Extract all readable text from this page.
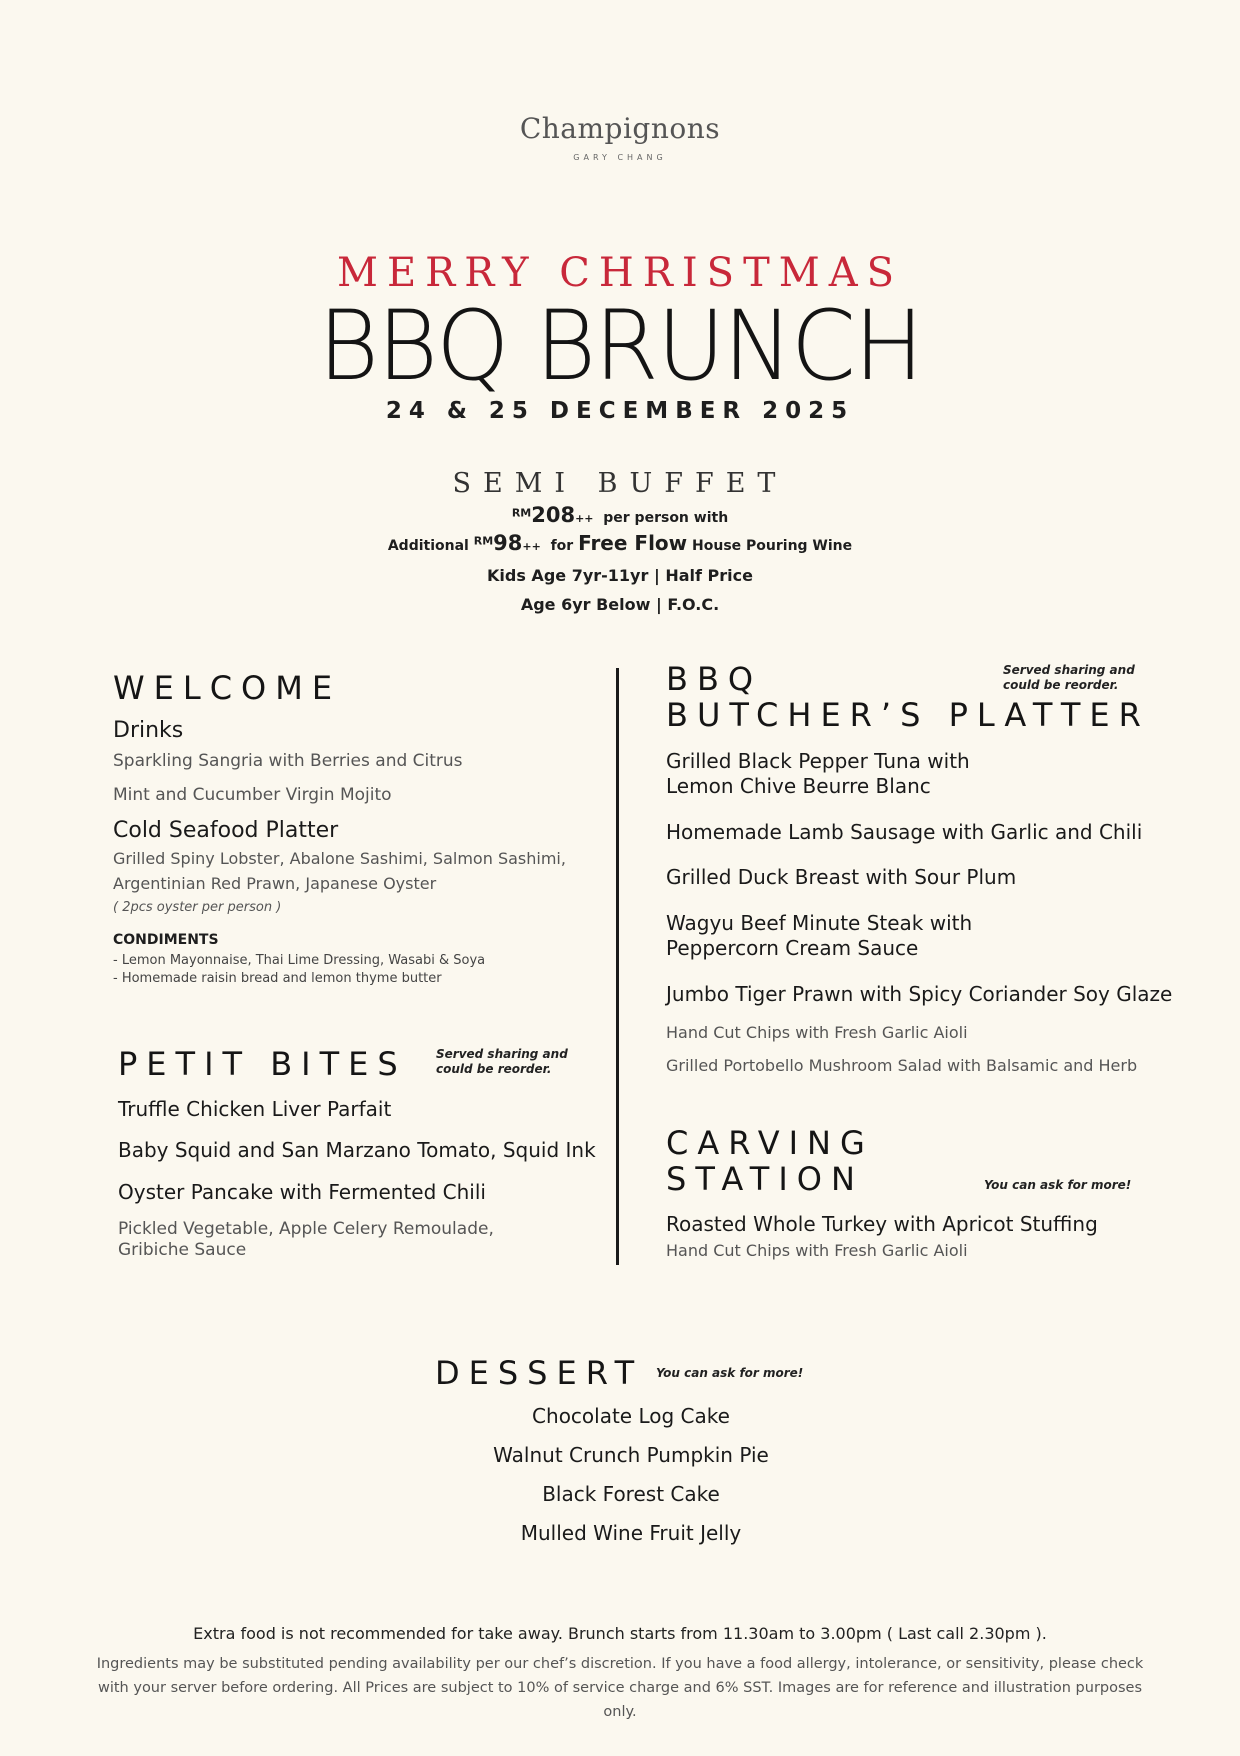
Champignons
GARY CHANG
MERRY CHRISTMAS
BBQ BRUNCH
24 & 25 DECEMBER 2025
SEMI BUFFET
$^{RM}$208++ per person with
Additional $^{RM}$98++ for Free Flow House Pouring Wine
Kids Age 7yr-11yr | Half Price
Age 6yr Below | F.O.C.
WELCOME
Drinks
Sparkling Sangria with Berries and Citrus
Mint and Cucumber Virgin Mojito
Cold Seafood Platter
Grilled Spiny Lobster, Abalone Sashimi, Salmon Sashimi,
Argentinian Red Prawn, Japanese Oyster
( 2pcs oyster per person )
CONDIMENTS
- Lemon Mayonnaise, Thai Lime Dressing, Wasabi & Soya
- Homemade raisin bread and lemon thyme butter
PETIT BITES Served sharing and
could be reorder.
Truffle Chicken Liver Parfait
Baby Squid and San Marzano Tomato, Squid Ink
Oyster Pancake with Fermented Chili
Pickled Vegetable, Apple Celery Remoulade,
Gribiche Sauce
BBQ
BUTCHER’S PLATTER
Served sharing and
could be reorder.
Grilled Black Pepper Tuna with
Lemon Chive Beurre Blanc
Homemade Lamb Sausage with Garlic and Chili
Grilled Duck Breast with Sour Plum
Wagyu Beef Minute Steak with
Peppercorn Cream Sauce
Jumbo Tiger Prawn with Spicy Coriander Soy Glaze
Hand Cut Chips with Fresh Garlic Aioli
Grilled Portobello Mushroom Salad with Balsamic and Herb
CARVING
STATION	You can ask for more!
Roasted Whole Turkey with Apricot Stuffing
Hand Cut Chips with Fresh Garlic Aioli
DESSERT You can ask for more!
Chocolate Log Cake
Walnut Crunch Pumpkin Pie
Black Forest Cake
Mulled Wine Fruit Jelly
Extra food is not recommended for take away. Brunch starts from 11.30am to 3.00pm ( Last call 2.30pm ).
Ingredients may be substituted pending availability per our chef’s discretion. If you have a food allergy, intolerance, or sensitivity, please check with your server before ordering. All Prices are subject to 10% of service charge and 6% SST. Images are for reference and illustration purposes only.
